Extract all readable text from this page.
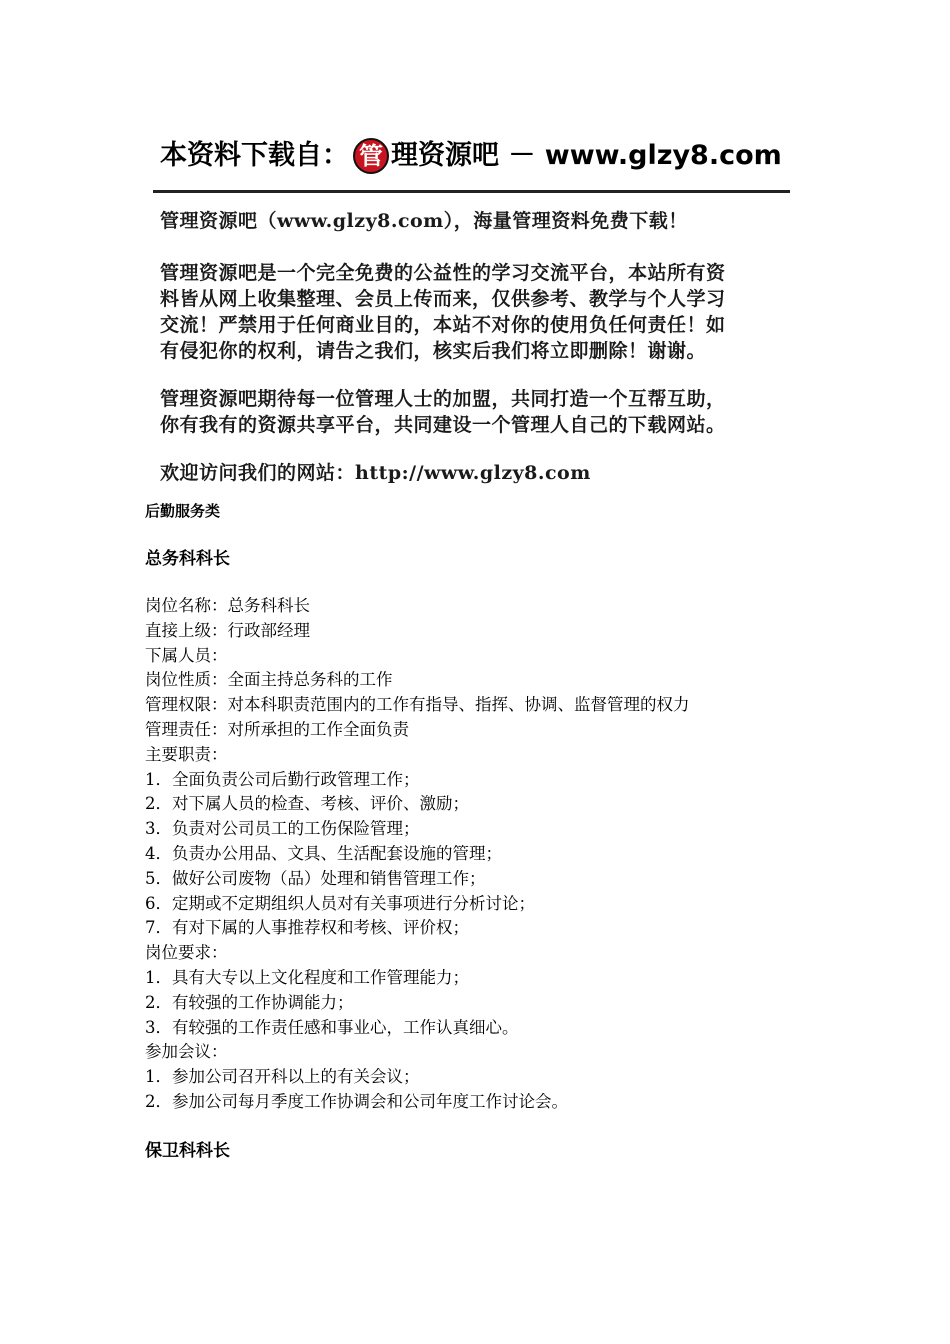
本资料下载自： 管 理资源吧 － www.glzy8.com
管理资源吧（www.glzy8.com），海量管理资料免费下载！
管理资源吧是一个完全免费的公益性的学习交流平台，本站所有资
料皆从网上收集整理、会员上传而来，仅供参考、教学与个人学习
交流！严禁用于任何商业目的，本站不对你的使用负任何责任！如
有侵犯你的权利，请告之我们，核实后我们将立即删除！谢谢。
管理资源吧期待每一位管理人士的加盟，共同打造一个互帮互助，
你有我有的资源共享平台，共同建设一个管理人自己的下载网站。
欢迎访问我们的网站：http://www.glzy8.com
后勤服务类
总务科科长
岗位名称：总务科科长
直接上级：行政部经理
下属人员：
岗位性质：全面主持总务科的工作
管理权限：对本科职责范围内的工作有指导、指挥、协调、监督管理的权力
管理责任：对所承担的工作全面负责
主要职责：
1．全面负责公司后勤行政管理工作；
2．对下属人员的检查、考核、评价、激励；
3．负责对公司员工的工伤保险管理；
4．负责办公用品、文具、生活配套设施的管理；
5．做好公司废物（品）处理和销售管理工作；
6．定期或不定期组织人员对有关事项进行分析讨论；
7．有对下属的人事推荐权和考核、评价权；
岗位要求：
1．具有大专以上文化程度和工作管理能力；
2．有较强的工作协调能力；
3．有较强的工作责任感和事业心，工作认真细心。
参加会议：
1．参加公司召开科以上的有关会议；
2．参加公司每月季度工作协调会和公司年度工作讨论会。
保卫科科长
